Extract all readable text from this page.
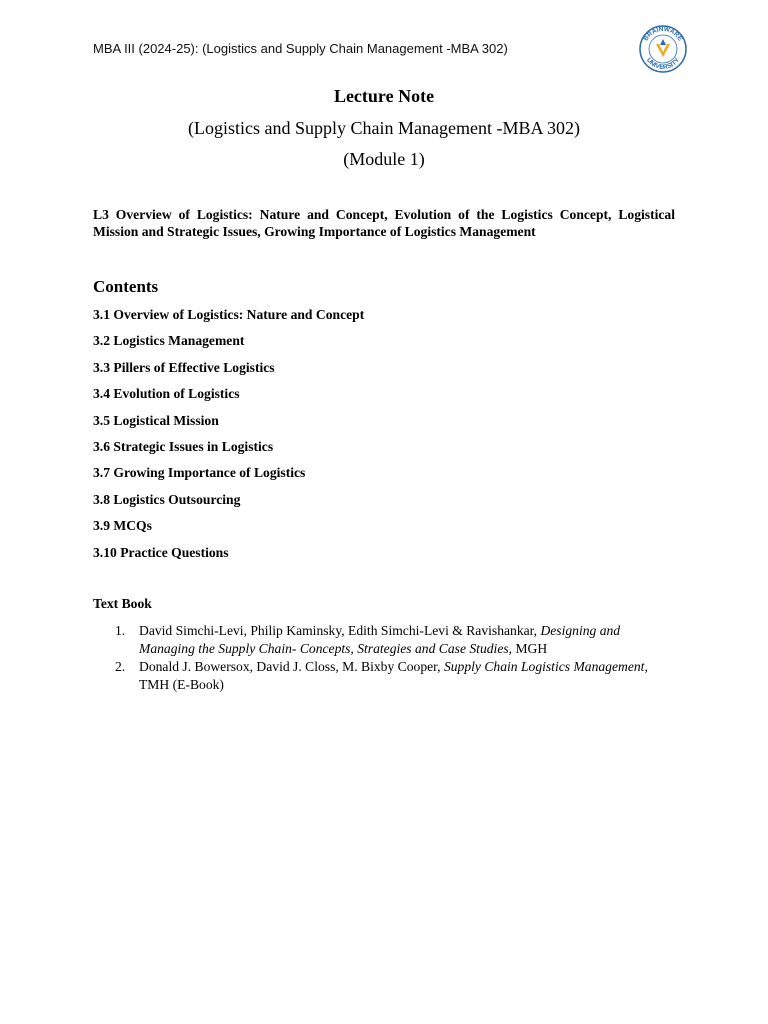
MBA III (2024-25): (Logistics and Supply Chain Management -MBA 302)
BRAINWARE
UNIVERSITY
Lecture Note
(Logistics and Supply Chain Management -MBA 302)
(Module 1)
L3 Overview of Logistics: Nature and Concept, Evolution of the Logistics Concept, Logistical Mission and Strategic Issues, Growing Importance of Logistics Management
Contents
3.1 Overview of Logistics: Nature and Concept
3.2 Logistics Management
3.3 Pillers of Effective Logistics
3.4 Evolution of Logistics
3.5 Logistical Mission
3.6 Strategic Issues in Logistics
3.7 Growing Importance of Logistics
3.8 Logistics Outsourcing
3.9 MCQs
3.10 Practice Questions
Text Book
1. David Simchi-Levi, Philip Kaminsky, Edith Simchi-Levi & Ravishankar, Designing and Managing the Supply Chain- Concepts, Strategies and Case Studies, MGH
2. Donald J. Bowersox, David J. Closs, M. Bixby Cooper, Supply Chain Logistics Management, TMH (E-Book)
